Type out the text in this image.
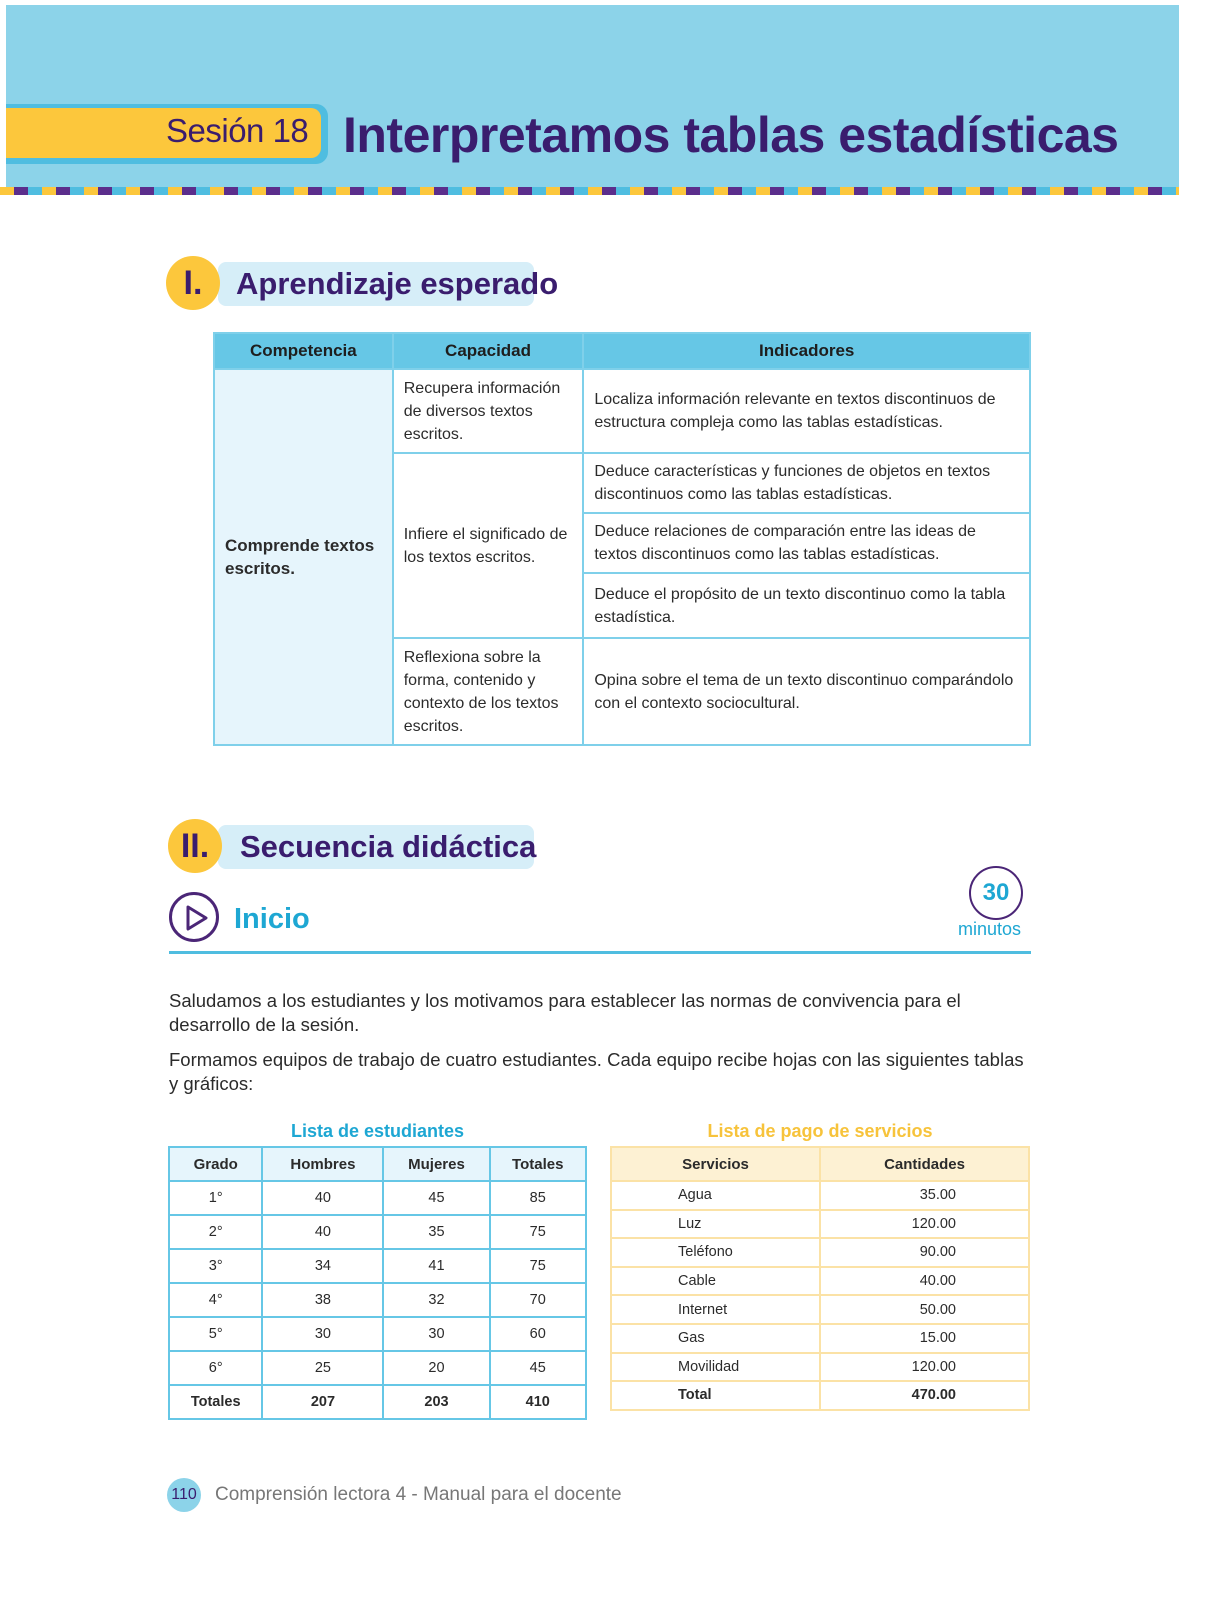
Sesión 18 Interpretamos tablas estadísticas
I.	Aprendizaje esperado
Competencia	Capacidad	Indicadores
Comprende textos escritos.	Recupera información de diversos textos escritos.	Localiza información relevante en textos discontinuos de estructura compleja como las tablas estadísticas.
	Infiere el significado de los textos escritos.	Deduce características y funciones de objetos en textos discontinuos como las tablas estadísticas.
		Deduce relaciones de comparación entre las ideas de textos discontinuos como las tablas estadísticas.
		Deduce el propósito de un texto discontinuo como la tabla estadística.
	Reflexiona sobre la forma, contenido y contexto de los textos escritos.	Opina sobre el tema de un texto discontinuo comparándolo con el contexto sociocultural.
II. Secuencia didáctica
Inicio
30
minutos

Saludamos a los estudiantes y los motivamos para establecer las normas de convivencia para el desarrollo de la sesión.

Formamos equipos de trabajo de cuatro estudiantes. Cada equipo recibe hojas con las siguientes tablas y gráficos:

Lista de estudiantes
Grado	Hombres	Mujeres	Totales
1°	40	45	85
2°	40	35	75
3°	34	41	75
4°	38	32	70
5°	30	30	60
6°	25	20	45
Totales	207	203	410
Lista de pago de servicios
Servicios	Cantidades
Agua	35.00
Luz	120.00
Teléfono	90.00
Cable	40.00
Internet	50.00
Gas	15.00
Movilidad	120.00
Total	470.00
110 Comprensión lectora 4 - Manual para el docente
